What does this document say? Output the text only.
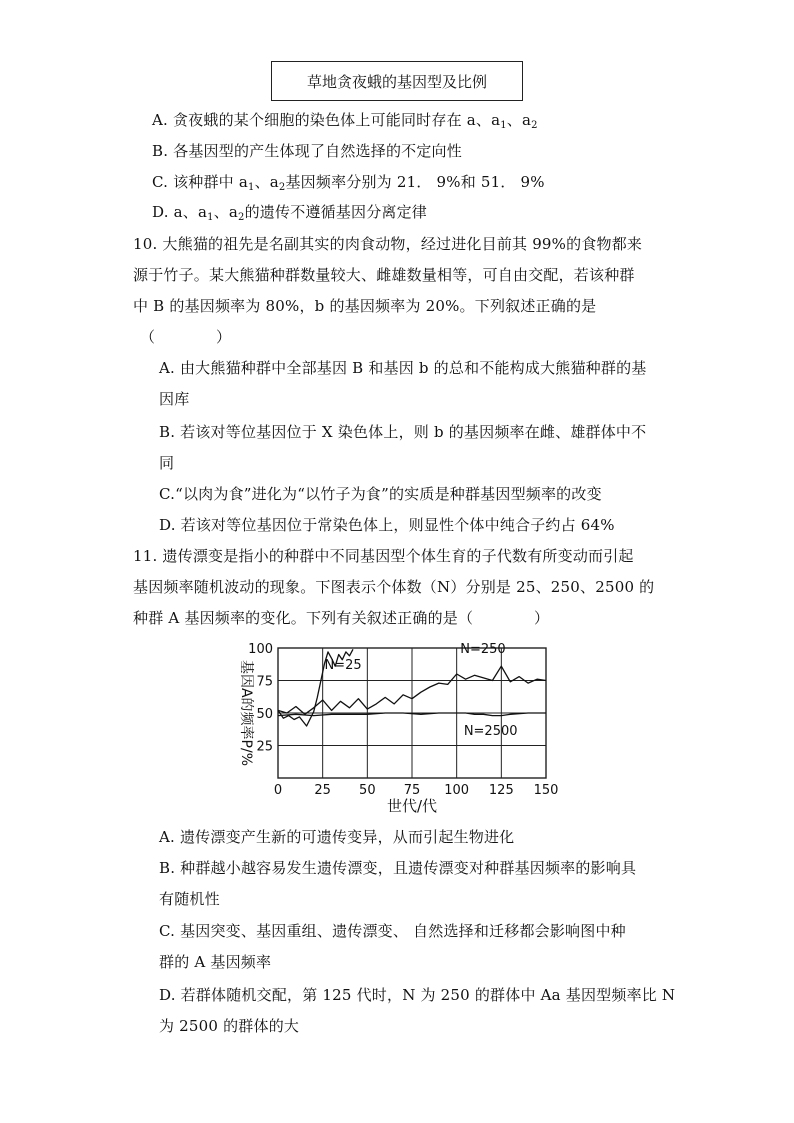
草地贪夜蛾的基因型及比例
A. 贪夜蛾的某个细胞的染色体上可能同时存在 a、$a_1$、$a_2$
B. 各基因型的产生体现了自然选择的不定向性
C. 该种群中 $a_1$、$a_2$基因频率分别为 21． 9%和 51． 9%
D. a、$a_1$、$a_2$的遗传不遵循基因分离定律
10. 大熊猫的祖先是名副其实的肉食动物，经过进化目前其 99%的食物都来
源于竹子。某大熊猫种群数量较大、雌雄数量相等，可自由交配，若该种群
中 B 的基因频率为 80%，b 的基因频率为 20%。下列叙述正确的是
（　　　　）
A. 由大熊猫种群中全部基因 B 和基因 b 的总和不能构成大熊猫种群的基
因库
B. 若该对等位基因位于 X 染色体上，则 b 的基因频率在雌、雄群体中不
同
C.“以肉为食”进化为“以竹子为食”的实质是种群基因型频率的改变
D. 若该对等位基因位于常染色体上，则显性个体中纯合子约占 64%
11. 遗传漂变是指小的种群中不同基因型个体生育的子代数有所变动而引起
基因频率随机波动的现象。下图表示个体数（N）分别是 25、250、2500 的
种群 A 基因频率的变化。下列有关叙述正确的是（　　　　）
0 25 50 75 100 125 150
25
50
75
100
N=25
N=250
N=2500
世代/代
基因A的频率P/%
A. 遗传漂变产生新的可遗传变异，从而引起生物进化
B. 种群越小越容易发生遗传漂变，且遗传漂变对种群基因频率的影响具
有随机性
C. 基因突变、基因重组、遗传漂变、 自然选择和迁移都会影响图中种
群的 A 基因频率
D. 若群体随机交配，第 125 代时，N 为 250 的群体中 Aa 基因型频率比 N
为 2500 的群体的大
